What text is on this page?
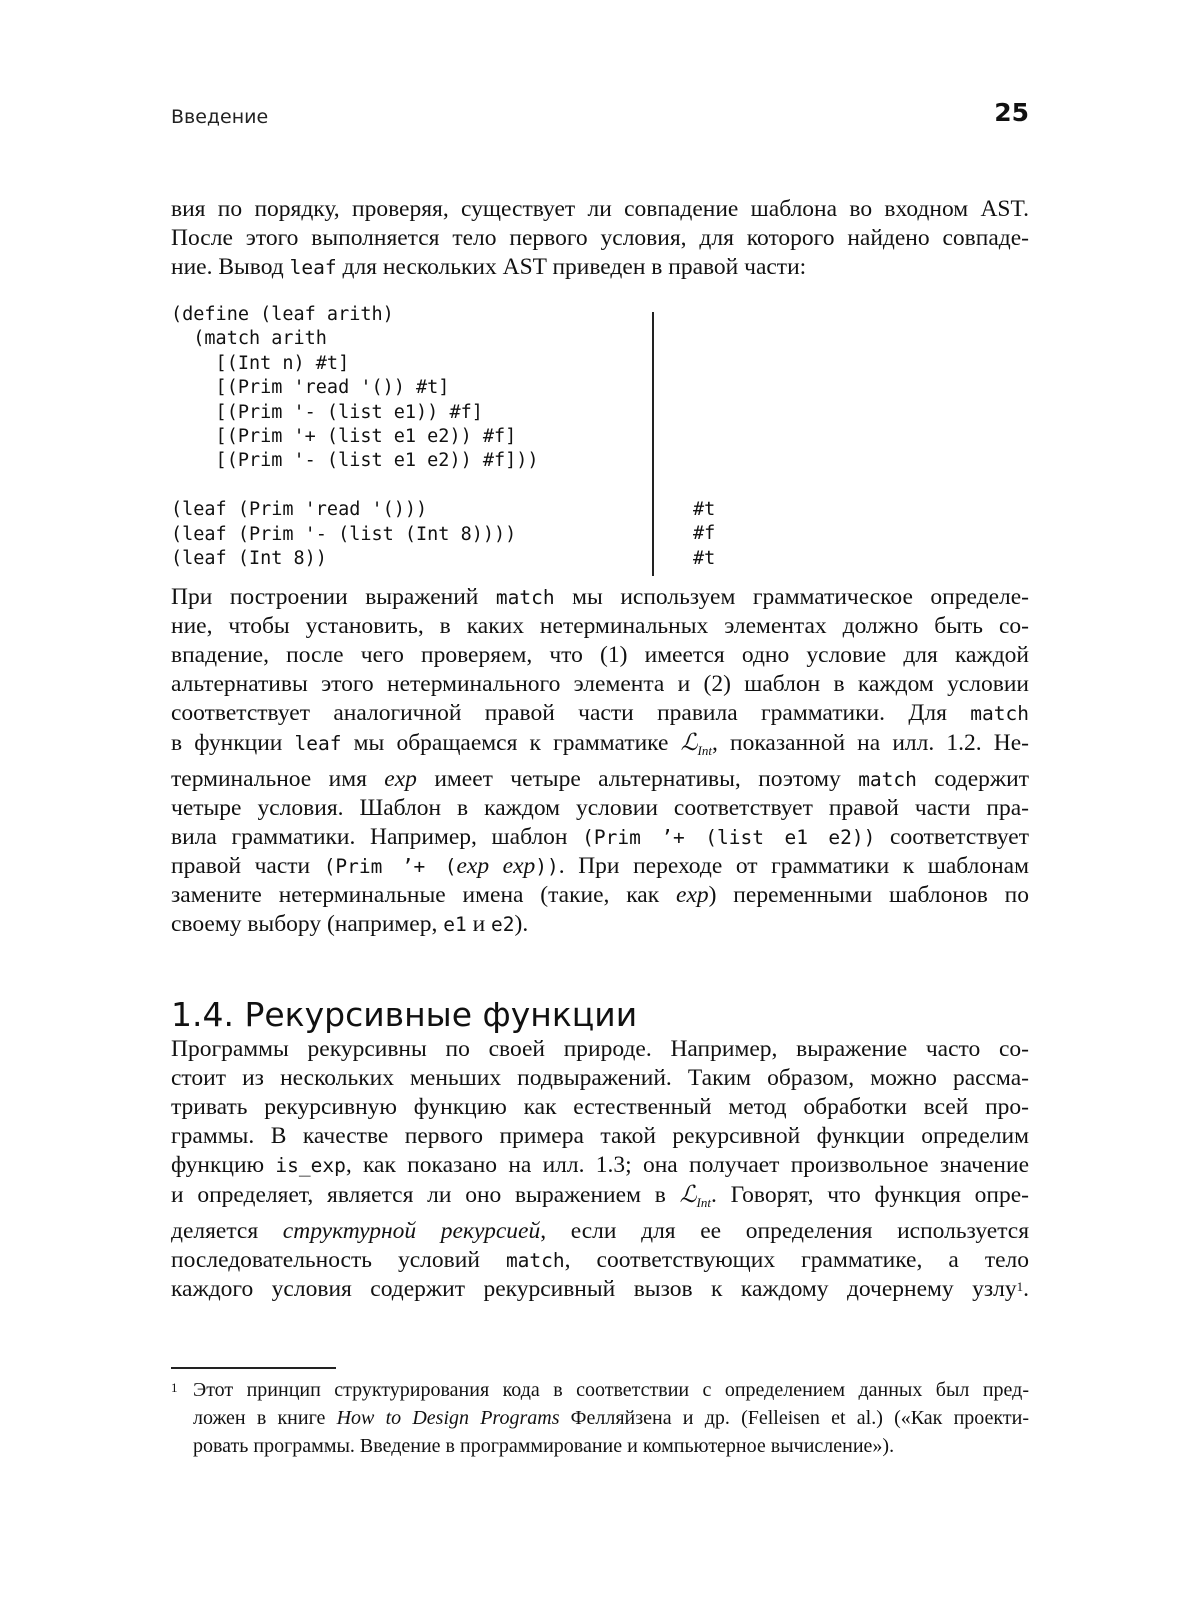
Введение	25
вия по порядку, проверяя, существует ли совпадение шаблона во входном AST.
После этого выполняется тело первого условия, для которого найдено совпаде-
ние. Вывод leaf для нескольких AST приведен в правой части:
(define (leaf arith)
(match arith
[(Int n) #t]
[(Prim 'read '()) #t]
[(Prim '- (list e1)) #f]
[(Prim '+ (list e1 e2)) #f]
[(Prim '- (list e1 e2)) #f]))

(leaf (Prim 'read '()))
(leaf (Prim '- (list (Int 8))))
(leaf (Int 8))
#t
#f
#t
При построении выражений match мы используем грамматическое определе-
ние, чтобы установить, в каких нетерминальных элементах должно быть со-
впадение, после чего проверяем, что (1) имеется одно условие для каждой
альтернативы этого нетерминального элемента и (2) шаблон в каждом условии
соответствует аналогичной правой части правила грамматики. Для match
в функции leaf мы обращаемся к грамматике ℒ$_{Int}$, показанной на илл. 1.2. Не-
терминальное имя exp имеет четыре альтернативы, поэтому match содержит
четыре условия. Шаблон в каждом условии соответствует правой части пра-
вила грамматики. Например, шаблон (Prim ’+ (list e1 e2)) соответствует
правой части (Prim ’+ (exp exp)). При переходе от грамматики к шаблонам
замените нетерминальные имена (такие, как exp) переменными шаблонов по
своему выбору (например, e1 и e2).
1.4. Рекурсивные функции
Программы рекурсивны по своей природе. Например, выражение часто со-
стоит из нескольких меньших подвыражений. Таким образом, можно рассма-
тривать рекурсивную функцию как естественный метод обработки всей про-
граммы. В качестве первого примера такой рекурсивной функции определим
функцию is_exp, как показано на илл. 1.3; она получает произвольное значение
и определяет, является ли оно выражением в ℒ$_{Int}$. Говорят, что функция опре-
деляется структурной рекурсией, если для ее определения используется
последовательность условий match, соответствующих грамматике, а тело
каждого условия содержит рекурсивный вызов к каждому дочернему узлу$^1$.
1 Этот принцип структурирования кода в соответствии с определением данных был пред-
ложен в книге How to Design Programs Фелляйзена и др. (Felleisen et al.) («Как проекти-
ровать программы. Введение в программирование и компьютерное вычисление»).
